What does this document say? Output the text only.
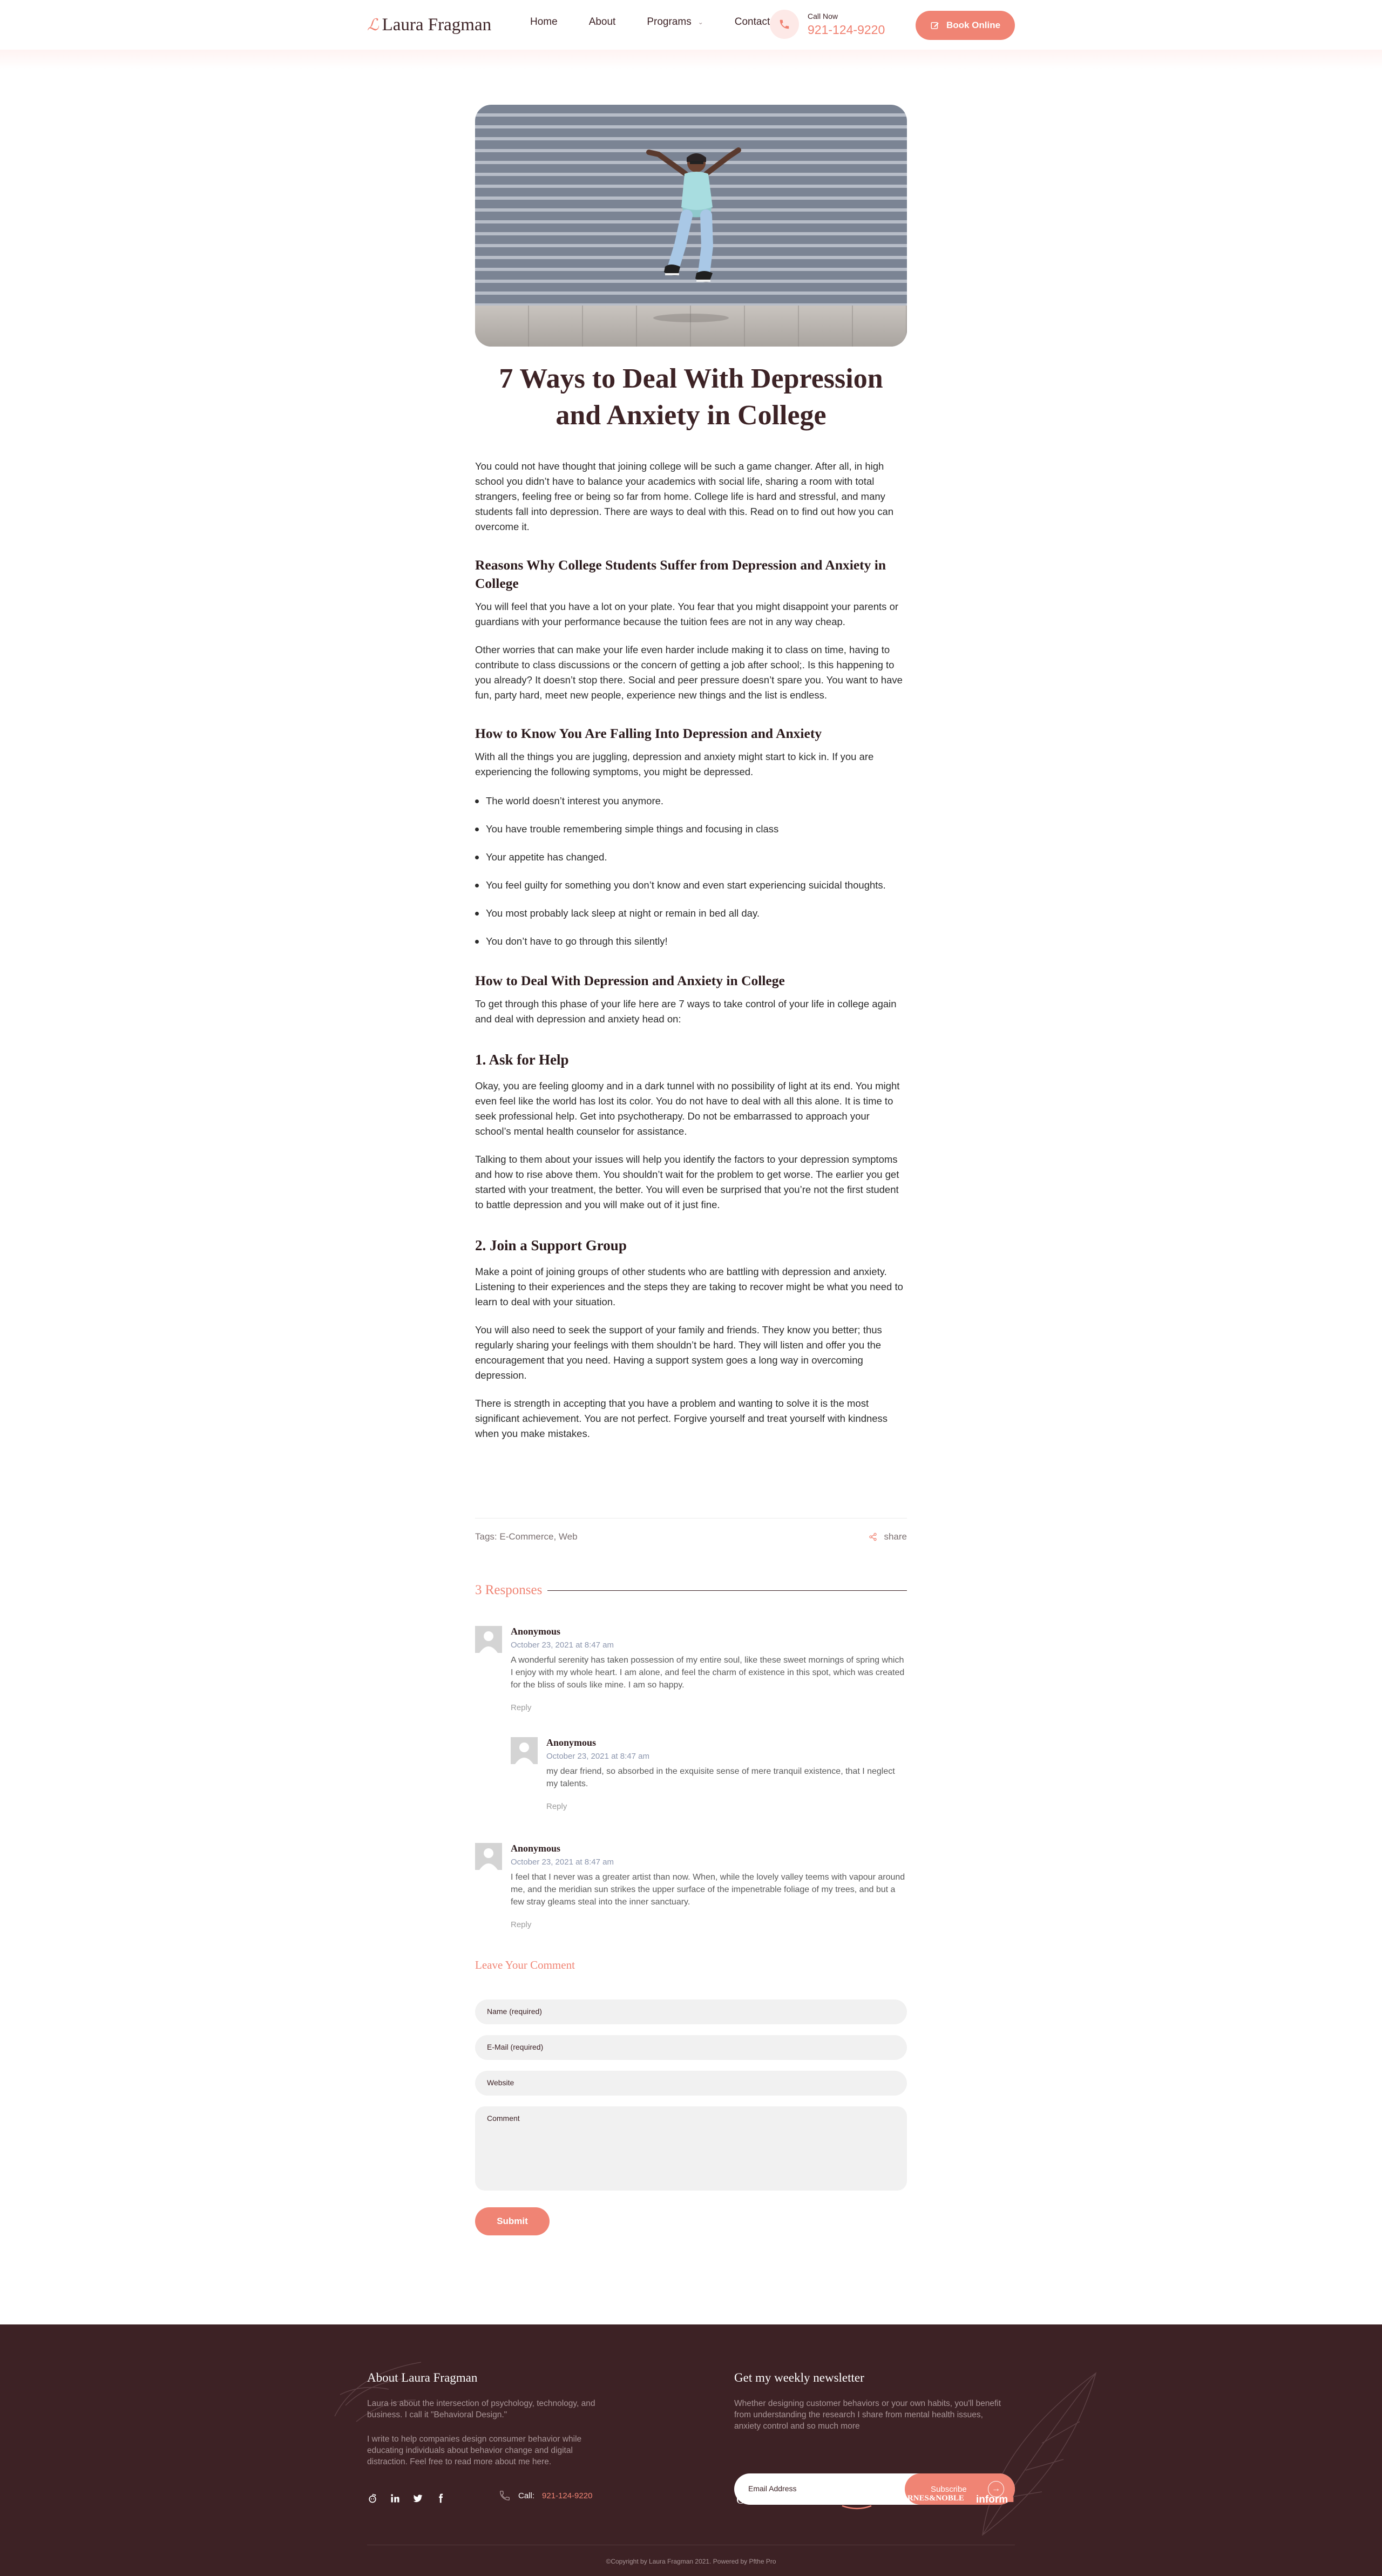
ℒ Laura Fragman	Home	About	Programs ⌄	Contact
Call Now
921-124-9220	Book Online
7 Ways to Deal With Depression and Anxiety in College

You could not have thought that joining college will be such a game changer. After all, in high school you didn’t have to balance your academics with social life, sharing a room with total strangers, feeling free or being so far from home. College life is hard and stressful, and many students fall into depression. There are ways to deal with this. Read on to find out how you can overcome it.

Reasons Why College Students Suffer from Depression and Anxiety in College

You will feel that you have a lot on your plate. You fear that you might disappoint your parents or guardians with your performance because the tuition fees are not in any way cheap.

Other worries that can make your life even harder include making it to class on time, having to contribute to class discussions or the concern of getting a job after school;. Is this happening to you already? It doesn’t stop there. Social and peer pressure doesn’t spare you. You want to have fun, party hard, meet new people, experience new things and the list is endless.

How to Know You Are Falling Into Depression and Anxiety

With all the things you are juggling, depression and anxiety might start to kick in. If you are experiencing the following symptoms, you might be depressed.

The world doesn’t interest you anymore.
You have trouble remembering simple things and focusing in class
Your appetite has changed.
You feel guilty for something you don’t know and even start experiencing suicidal thoughts.
You most probably lack sleep at night or remain in bed all day.
You don’t have to go through this silently!
How to Deal With Depression and Anxiety in College

To get through this phase of your life here are 7 ways to take control of your life in college again and deal with depression and anxiety head on:

1. Ask for Help

Okay, you are feeling gloomy and in a dark tunnel with no possibility of light at its end. You might even feel like the world has lost its color. You do not have to deal with all this alone. It is time to seek professional help. Get into psychotherapy. Do not be embarrassed to approach your school’s mental health counselor for assistance.

Talking to them about your issues will help you identify the factors to your depression symptoms and how to rise above them. You shouldn’t wait for the problem to get worse. The earlier you get started with your treatment, the better. You will even be surprised that you’re not the first student to battle depression and you will make out of it just fine.

2. Join a Support Group

Make a point of joining groups of other students who are battling with depression and anxiety. Listening to their experiences and the steps they are taking to recover might be what you need to learn to deal with your situation.

You will also need to seek the support of your family and friends. They know you better; thus regularly sharing your feelings with them shouldn’t be hard. They will listen and offer you the encouragement that you need. Having a support system goes a long way in overcoming depression.

There is strength in accepting that you have a problem and wanting to solve it is the most significant achievement. You are not perfect. Forgive yourself and treat yourself with kindness when you make mistakes.

Tags: E-Commerce, Web	share
3 Responses
Anonymous
October 23, 2021 at 8:47 am
A wonderful serenity has taken possession of my entire soul, like these sweet mornings of spring which I enjoy with my whole heart. I am alone, and feel the charm of existence in this spot, which was created for the bliss of souls like mine. I am so happy.
Reply
Anonymous
October 23, 2021 at 8:47 am
my dear friend, so absorbed in the exquisite sense of mere tranquil existence, that I neglect my talents.
Reply
Anonymous
October 23, 2021 at 8:47 am
I feel that I never was a greater artist than now. When, while the lovely valley teems with vapour around me, and the meridian sun strikes the upper surface of the impenetrable foliage of my trees, and but a few stray gleams steal into the inner sanctuary.
Reply
Leave Your Comment
Name (required)
E-Mail (required)
Website
Comment
Submit
About Laura Fragman
Laura is about the intersection of psychology, technology, and business. I call it "Behavioral Design."
I write to help companies design consumer behavior while educating individuals about behavior change and digital distraction. Feel free to read more about me here.
Call: 921-124-9220
Get my weekly newsletter
Whether designing customer behaviors or your own habits, you'll benefit from understanding the research I share from mental health issues, anxiety control and so much more
Email Address	Subscribe	→
Order Now	amazon BARNES&NOBLE inform■
©Copyright by Laura Fragman 2021. Powered by Pfthe Pro
